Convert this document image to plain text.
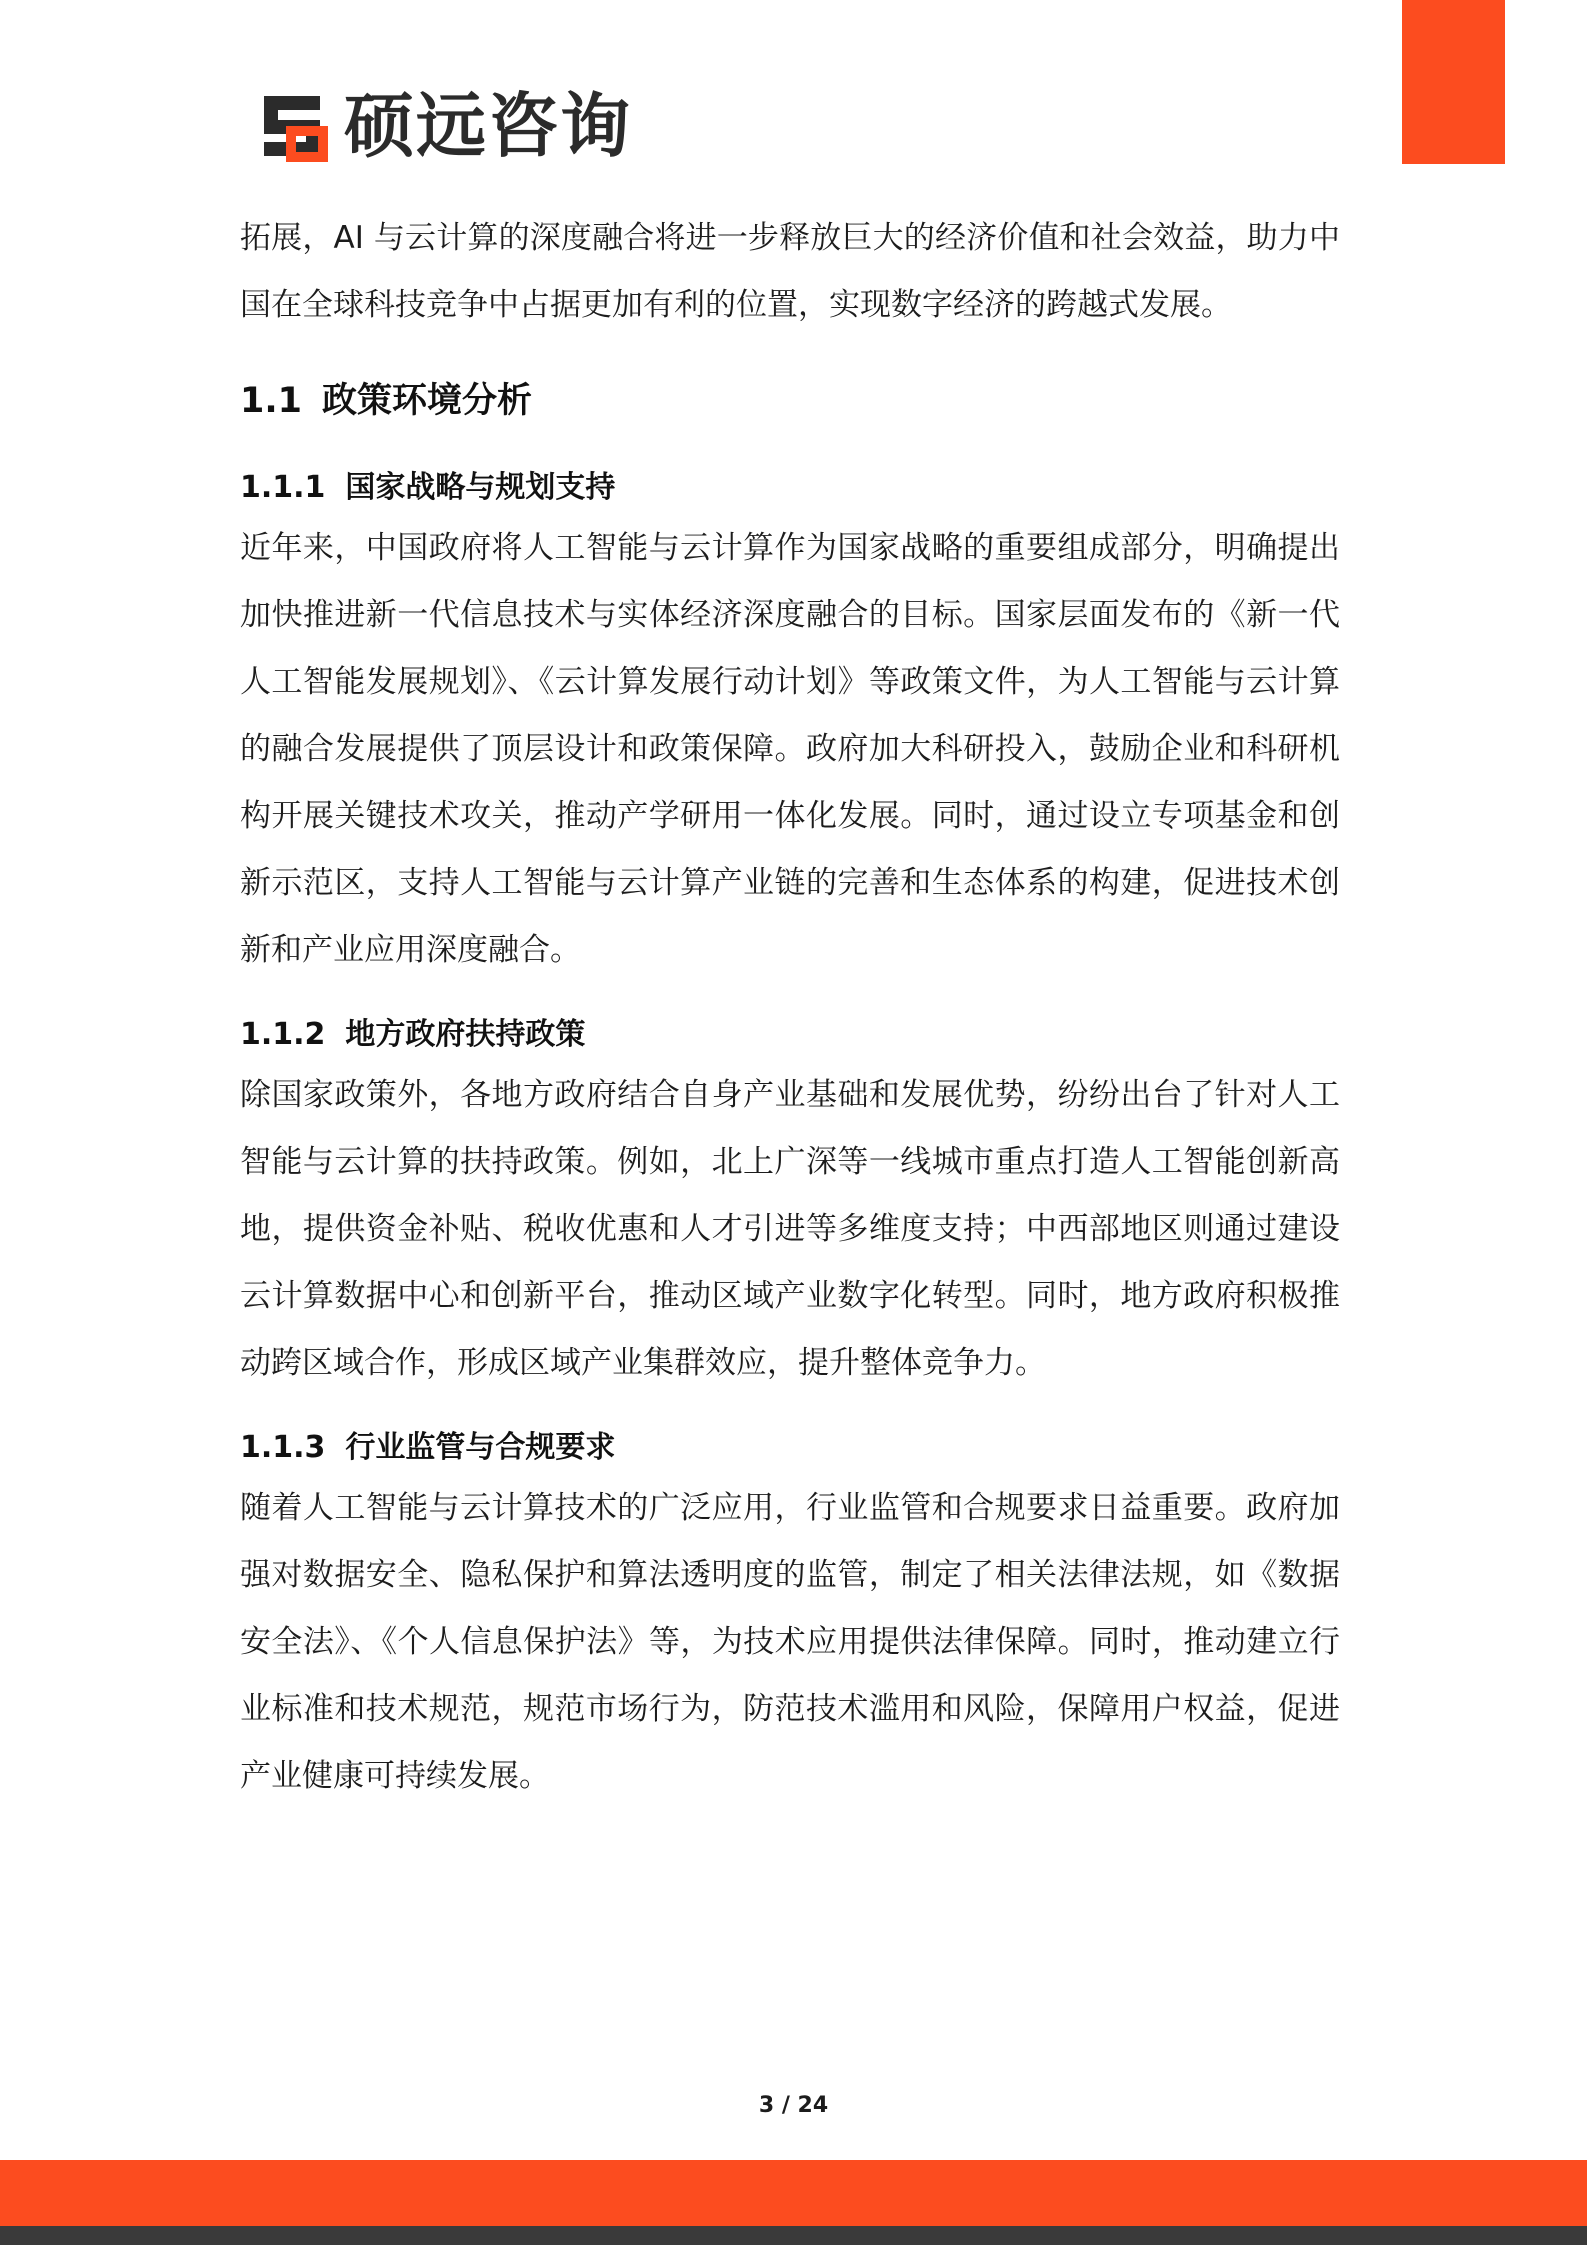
硕远咨询

拓展，AI 与云计算的深度融合将进一步释放巨大的经济价值和社会效益，助力中国在全球科技竞争中占据更加有利的位置，实现数字经济的跨越式发展。

1.1 政策环境分析
1.1.1 国家战略与规划支持

近年来，中国政府将人工智能与云计算作为国家战略的重要组成部分，明确提出加快推进新一代信息技术与实体经济深度融合的目标。国家层面发布的《新一代人工智能发展规划》、《云计算发展行动计划》等政策文件，为人工智能与云计算的融合发展提供了顶层设计和政策保障。政府加大科研投入，鼓励企业和科研机构开展关键技术攻关，推动产学研用一体化发展。同时，通过设立专项基金和创新示范区，支持人工智能与云计算产业链的完善和生态体系的构建，促进技术创新和产业应用深度融合。

1.1.2 地方政府扶持政策

除国家政策外，各地方政府结合自身产业基础和发展优势，纷纷出台了针对人工智能与云计算的扶持政策。例如，北上广深等一线城市重点打造人工智能创新高地，提供资金补贴、税收优惠和人才引进等多维度支持；中西部地区则通过建设云计算数据中心和创新平台，推动区域产业数字化转型。同时，地方政府积极推动跨区域合作，形成区域产业集群效应，提升整体竞争力。

1.1.3 行业监管与合规要求

随着人工智能与云计算技术的广泛应用，行业监管和合规要求日益重要。政府加强对数据安全、隐私保护和算法透明度的监管，制定了相关法律法规，如《数据安全法》、《个人信息保护法》等，为技术应用提供法律保障。同时，推动建立行业标准和技术规范，规范市场行为，防范技术滥用和风险，保障用户权益，促进产业健康可持续发展。

3 / 24
